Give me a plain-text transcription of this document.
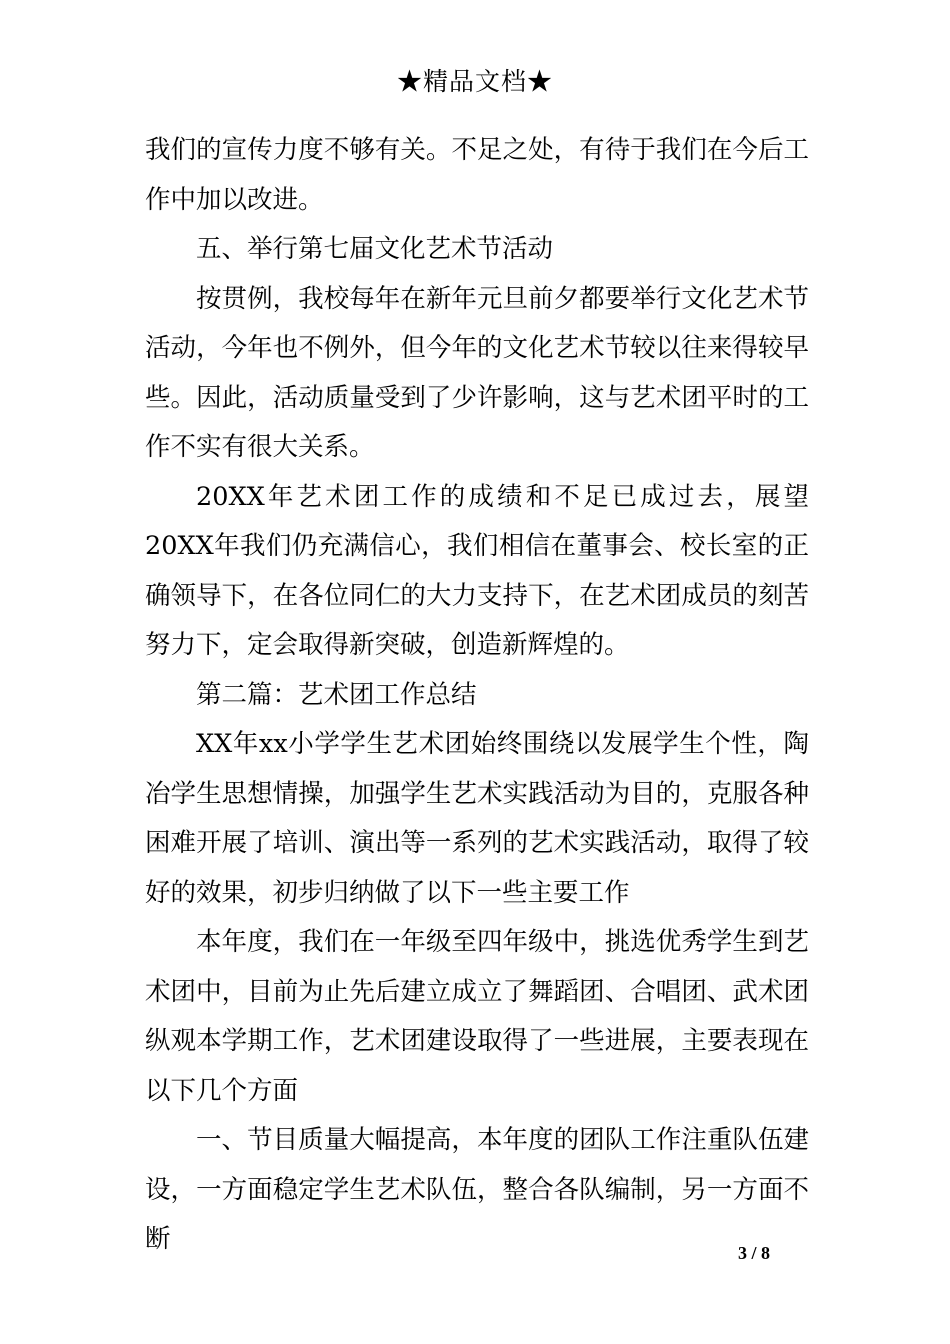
★精品文档★

我们的宣传力度不够有关。不足之处，有待于我们在今后工作中加以改进。

五、举行第七届文化艺术节活动

按贯例，我校每年在新年元旦前夕都要举行文化艺术节活动，今年也不例外，但今年的文化艺术节较以往来得较早些。因此，活动质量受到了少许影响，这与艺术团平时的工作不实有很大关系。

20XX年艺术团工作的成绩和不足已成过去，展望20XX年我们仍充满信心，我们相信在董事会、校长室的正确领导下，在各位同仁的大力支持下，在艺术团成员的刻苦努力下，定会取得新突破，创造新辉煌的。

第二篇：艺术团工作总结

XX年xx小学学生艺术团始终围绕以发展学生个性，陶冶学生思想情操，加强学生艺术实践活动为目的，克服各种困难开展了培训、演出等一系列的艺术实践活动，取得了较好的效果，初步归纳做了以下一些主要工作

本年度，我们在一年级至四年级中，挑选优秀学生到艺术团中，目前为止先后建立成立了舞蹈团、合唱团、武术团纵观本学期工作，艺术团建设取得了一些进展，主要表现在以下几个方面

一、节目质量大幅提高，本年度的团队工作注重队伍建设，一方面稳定学生艺术队伍，整合各队编制，另一方面不断	3 / 8
